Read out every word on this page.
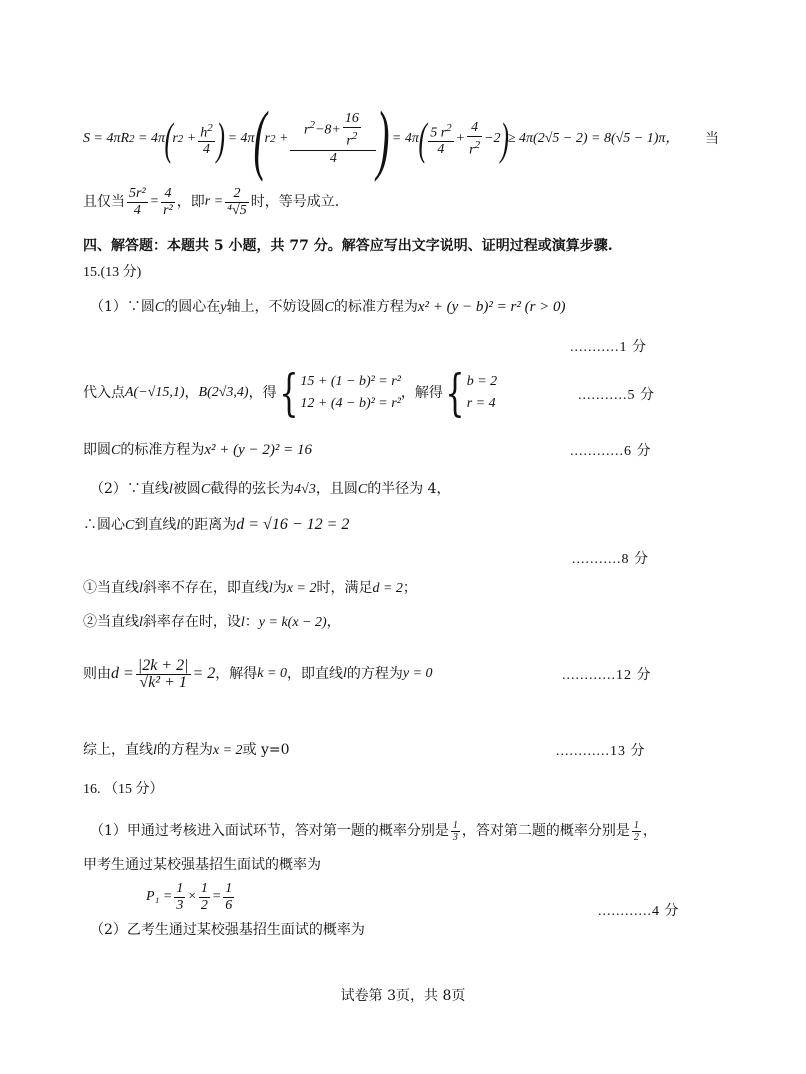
S = 4π R 2 = 4π ( r $2 + \frac{h^2}{4}$ ) = 4π
(
r $2 + \frac{r^2-8+ \frac{16}{r^2}}{4}$ )
= 4π ( $\frac{5 r^2}{4} + \frac{4}{r^2} -2$ ) ≥ 4π(2√5 − 2) = 8(√5 − 1) π ， 当
且仅当 $\frac{\text{5r²}}{4} = \frac{4}{\text{r²}}$ ，即 $r = \frac{2}{\text{⁴√5}}$ 时，等号成立.
四、解答题：本题共 5 小题，共 77 分。解答应写出文字说明、证明过程或演算步骤.
15.(13 分)
（1）∵圆C的圆心在y轴上，不妨设圆C的标准方程为x² + (y − b)² = r² (r > 0)
...........1 分
代入点 A(−√15,1) ， B(2√3,4) ，得 { 15 + (1 − b)² = r²
12 + (4 − b)² = r²
，解得 { b = 2
r = 4
...........5 分
即圆C的标准方程为x² + (y − 2)² = 16	............6 分
（2）∵直线l被圆C截得的弦长为4√3，且圆C的半径为 4，
∴圆心C到直线l的距离为d = √16 − 12 = 2
...........8 分
①当直线l斜率不存在，即直线l为x = 2时，满足d = 2；
②当直线l斜率存在时，设l：y = k(x − 2)，
则由 $d = \frac{|2k + 2|}{\text{√k² + 1}} = 2$ ，解得 k = 0 ，即直线 l 的方程为 y = 0	............12 分
综上，直线l的方程为x = 2或 y=0	............13 分
16. （15 分）
（1）甲通过考核进入面试环节，答对第一题的概率分别是 $\frac{1}{3}$ ，答对第二题的概率分别是 $\frac{1}{2}$ ，
甲考生通过某校强基招生面试的概率为
$P_1 = \frac{1}{3} \times \frac{1}{2} = \frac{1}{6}$	............4 分
（2）乙考生通过某校强基招生面试的概率为
试卷第 3页，共 8页
